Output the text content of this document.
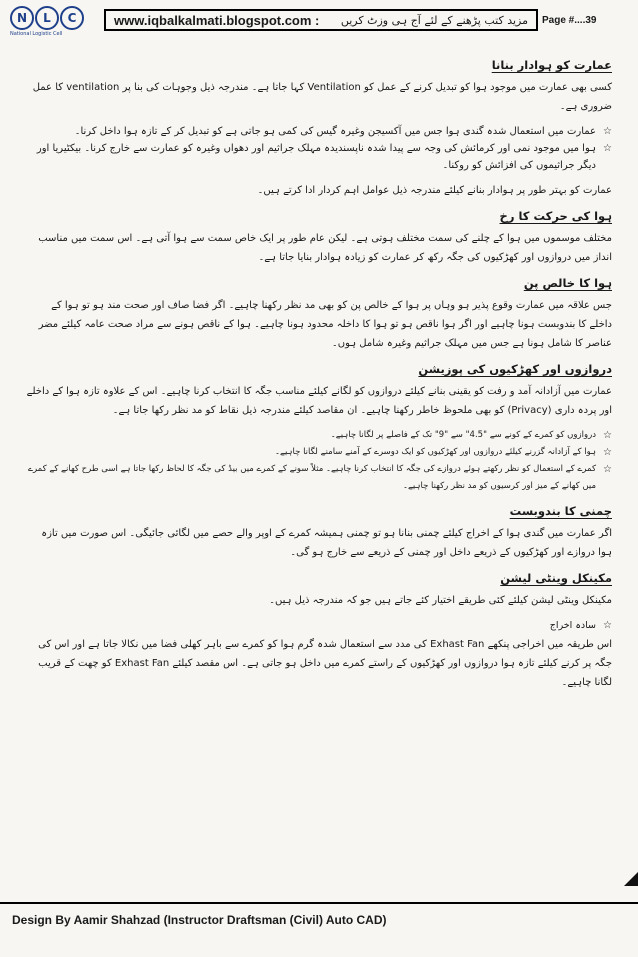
N	L	C
National Logistic Cell
www.iqbalkalmati.blogspot.com : مزید کتب پڑھنے کے لئے آج ہی وزٹ کریں Page #....39
عمارت کو ہوادار بنانا
کسی بھی عمارت میں موجود ہوا کو تبدیل کرنے کے عمل کو Ventilation کہا جاتا ہے۔ مندرجہ ذیل وجوہات کی بنا پر ventilation کا عمل ضروری ہے۔
☆ عمارت میں استعمال شدہ گندی ہوا جس میں آکسیجن وغیرہ گیس کی کمی ہو جاتی ہے کو تبدیل کر کے تازہ ہوا داخل کرنا۔
☆ ہوا میں موجود نمی اور کرمائش کی وجہ سے پیدا شدہ ناپسندیدہ مہلک جراثیم اور دھواں وغیرہ کو عمارت سے خارج کرنا۔ بیکٹیریا اور دیگر جراثیموں کی افزائش کو روکنا۔
عمارت کو بہتر طور پر ہوادار بنانے کیلئے مندرجہ ذیل عوامل اہم کردار ادا کرتے ہیں۔
ہوا کی حرکت کا رخ
مختلف موسموں میں ہوا کے چلنے کی سمت مختلف ہوتی ہے۔ لیکن عام طور پر ایک خاص سمت سے ہوا آتی ہے۔ اس سمت میں مناسب انداز میں دروازوں اور کھڑکیوں کی جگہ رکھ کر عمارت کو زیادہ ہوادار بنایا جاتا ہے۔
ہوا کا خالص پن
جس علاقہ میں عمارت وقوع پذیر ہو وہاں پر ہوا کے خالص پن کو بھی مد نظر رکھنا چاہیے۔ اگر فضا صاف اور صحت مند ہو تو ہوا کے داخلے کا بندوبست ہونا چاہیے اور اگر ہوا ناقص ہو تو ہوا کا داخلہ محدود ہونا چاہیے۔ ہوا کے ناقص ہونے سے مراد صحت عامہ کیلئے مضر عناصر کا شامل ہونا ہے جس میں مہلک جراثیم وغیرہ شامل ہوں۔
دروازوں اور کھڑکیوں کی پوزیشن
عمارت میں آزادانہ آمد و رفت کو یقینی بنانے کیلئے دروازوں کو لگانے کیلئے مناسب جگہ کا انتخاب کرنا چاہیے۔ اس کے علاوہ تازہ ہوا کے داخلے اور پردہ داری (Privacy) کو بھی ملحوظ خاطر رکھنا چاہیے۔ ان مقاصد کیلئے مندرجہ ذیل نقاط کو مد نظر رکھا جاتا ہے۔
☆ دروازوں کو کمرے کے کونے سے "4.5" سے "9" تک کے فاصلے پر لگانا چاہیے۔
☆ ہوا کے آزادانہ گزرنے کیلئے دروازوں اور کھڑکیوں کو ایک دوسرے کے آمنے سامنے لگانا چاہیے۔
☆ کمرے کے استعمال کو نظر رکھتے ہوئے دروازے کی جگہ کا انتخاب کرنا چاہیے۔ مثلاً سونے کے کمرے میں بیڈ کی جگہ کا لحاظ رکھا جاتا ہے اسی طرح کھانے کے کمرے میں کھانے کے میز اور کرسیوں کو مد نظر رکھنا چاہیے۔
چمنی کا بندوبست
اگر عمارت میں گندی ہوا کے اخراج کیلئے چمنی بنانا ہو تو چمنی ہمیشہ کمرے کے اوپر والے حصے میں لگائی جائیگی۔ اس صورت میں تازہ ہوا دروازے اور کھڑکیوں کے ذریعے داخل اور چمنی کے ذریعے سے خارج ہو گی۔
مکینکل وینٹی لیشن
مکینکل وینٹی لیشن کیلئے کئی طریقے اختیار کئے جاتے ہیں جو کہ مندرجہ ذیل ہیں۔
☆ سادہ اخراج
اس طریقہ میں اخراجی پنکھے Exhast Fan کی مدد سے استعمال شدہ گرم ہوا کو کمرے سے باہر کھلی فضا میں نکالا جاتا ہے اور اس کی جگہ پر کرنے کیلئے تازہ ہوا دروازوں اور کھڑکیوں کے راستے کمرے میں داخل ہو جاتی ہے۔ اس مقصد کیلئے Exhast Fan کو چھت کے قریب لگانا چاہیے۔
Design By Aamir Shahzad (Instructor Draftsman (Civil) Auto CAD)
